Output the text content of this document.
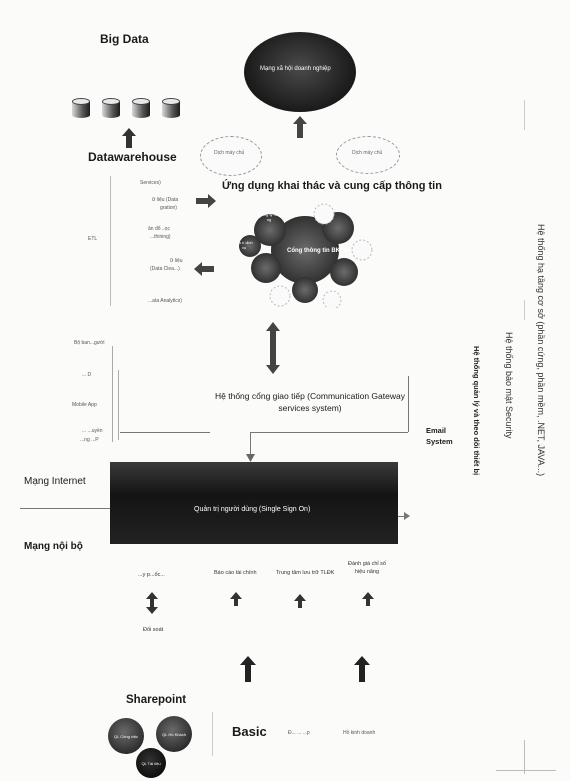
Big Data
Datawarehouse
Services)
ữ liệu (Data
gration)
ETL
ân đổ ..ọc
...thining)
ữ liệu
(Data Clea...)
...ata Analytics)
Mạng xã hội doanh nghiệp
Dịch máy chủ	Dịch máy chủ
Ứng dụng khai thác và cung cấp thông tin
Cổng thông tin BKĐĐ
Công ty mạ ng
Mạ n dịch vụ
Bộ ban...gười
... D
Mobile App
... ...uyền
...ng ...P
Hệ thống cổng giao tiếp (Communication Gateway services system)
Email System	Hệ thống hạ tầng cơ sở (phần cứng, phần mềm, .NET, JAVA...)
Hệ thống bảo mật Security
Hệ thống quản lý và theo dõi thiết bị
Mạng Internet
Mạng nội bộ
Quản trị người dùng (Single Sign On)
...y p...ốc...	Báo cáo tài chính	Trung tâm lưu trữ TLĐK
Đánh giá chỉ số hiệu năng
Đối soát
Sharepoint
QL Công việc	QL Hồ Khách
QL Tài liệu
Basic	Đ... ... ...p	Hồ kinh doanh
